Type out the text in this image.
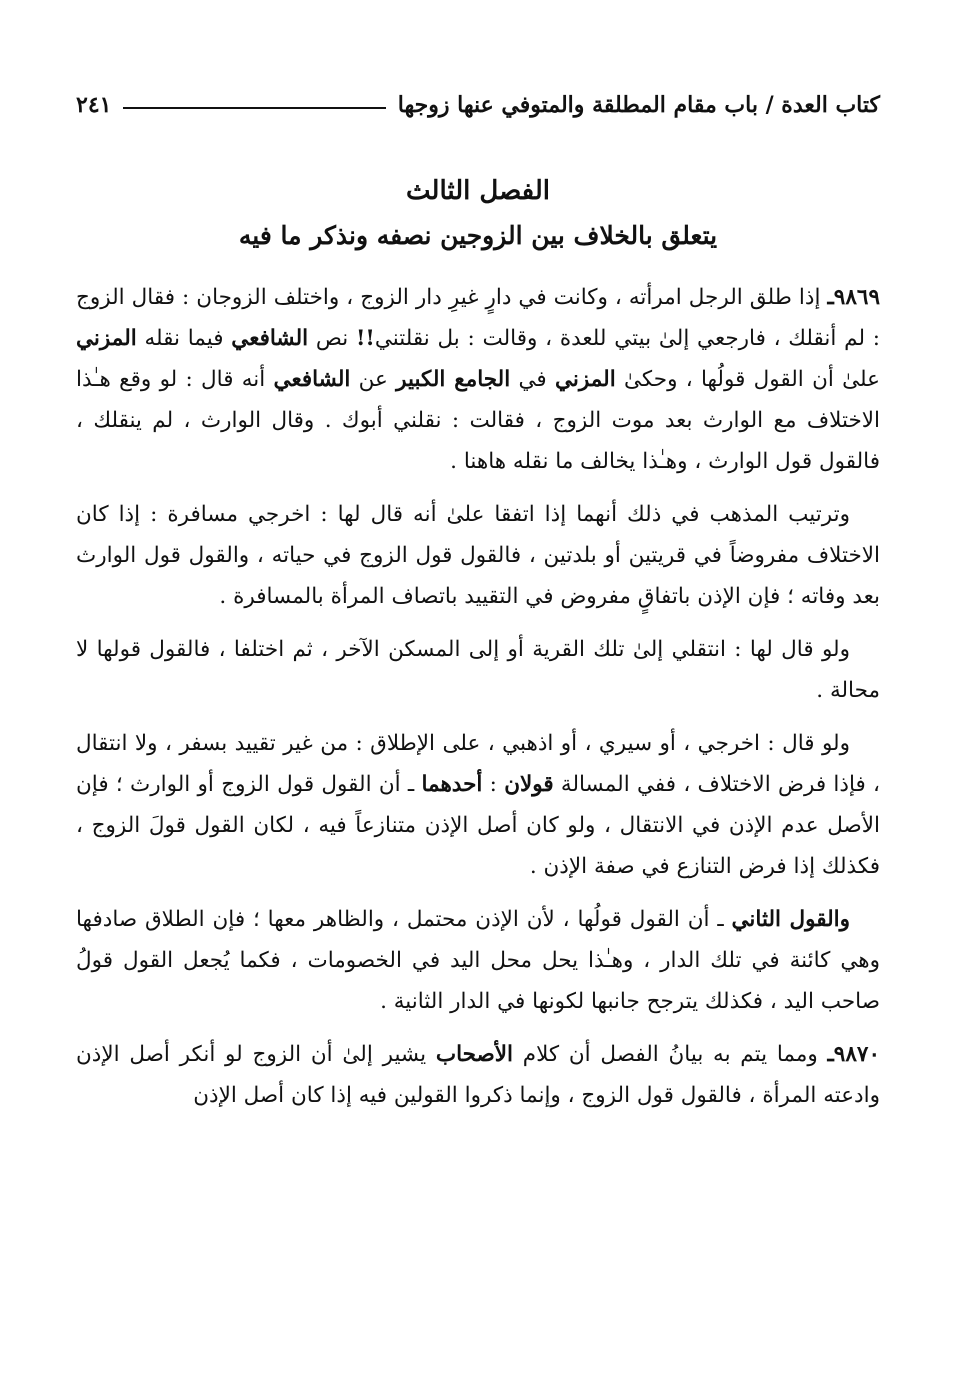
كتاب العدة / باب مقام المطلقة والمتوفي عنها زوجها
٢٤١
الفصل الثالث
يتعلق بالخلاف بين الزوجين نصفه ونذكر ما فيه

٩٨٦٩ـ إذا طلق الرجل امرأته ، وكانت في دارٍ غيرِ دار الزوج ، واختلف الزوجان : فقال الزوج : لم أنقلك ، فارجعي إلىٰ بيتي للعدة ، وقالت : بل نقلتني!! نص الشافعي فيما نقله المزني علىٰ أن القول قولُها ، وحكىٰ المزني في الجامع الكبير عن الشافعي أنه قال : لو وقع هـٰذا الاختلاف مع الوارث بعد موت الزوج ، فقالت : نقلني أبوك . وقال الوارث ، لم ينقلك ، فالقول قول الوارث ، وهـٰذا يخالف ما نقله هاهنا .

وترتيب المذهب في ذلك أنهما إذا اتفقا علىٰ أنه قال لها : اخرجي مسافرة : إذا كان الاختلاف مفروضاً في قريتين أو بلدتين ، فالقول قول الزوج في حياته ، والقول قول الوارث بعد وفاته ؛ فإن الإذن باتفاقٍ مفروض في التقييد باتصاف المرأة بالمسافرة .

ولو قال لها : انتقلي إلىٰ تلك القرية أو إلى المسكن الآخر ، ثم اختلفا ، فالقول قولها لا محالة .

ولو قال : اخرجي ، أو سيري ، أو اذهبي ، على الإطلاق : من غير تقييد بسفر ، ولا انتقال ، فإذا فرض الاختلاف ، ففي المسالة قولان : أحدهما ـ أن القول قول الزوج أو الوارث ؛ فإن الأصل عدم الإذن في الانتقال ، ولو كان أصل الإذن متنازعاً فيه ، لكان القول قولَ الزوج ، فكذلك إذا فرض التنازع في صفة الإذن .

والقول الثاني ـ أن القول قولُها ، لأن الإذن محتمل ، والظاهر معها ؛ فإن الطلاق صادفها وهي كائنة في تلك الدار ، وهـٰذا يحل محل اليد في الخصومات ، فكما يُجعل القول قولُ صاحب اليد ، فكذلك يترجح جانبها لكونها في الدار الثانية .

٩٨٧٠ـ ومما يتم به بيانُ الفصل أن كلام الأصحاب يشير إلىٰ أن الزوج لو أنكر أصل الإذن وادعته المرأة ، فالقول قول الزوج ، وإنما ذكروا القولين فيه إذا كان أصل الإذن
